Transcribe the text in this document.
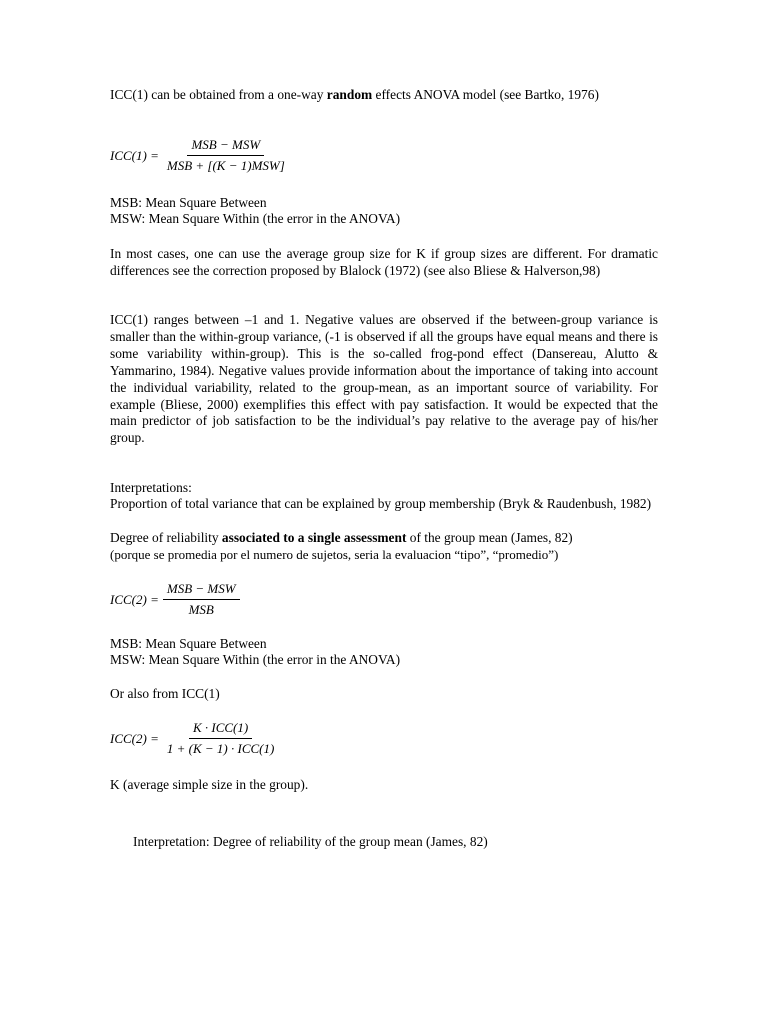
ICC(1) can be obtained from a one-way random effects ANOVA model (see Bartko, 1976)

$ICC(1) = \frac{\text{MSB − MSW}}{\text{MSB + [(K − 1)MSW]}}$

MSB: Mean Square Between

MSW: Mean Square Within (the error in the ANOVA)

In most cases, one can use the average group size for K if group sizes are different. For dramatic differences see the correction proposed by Blalock (1972) (see also Bliese & Halverson,98)

ICC(1) ranges between –1 and 1. Negative values are observed if the between-group variance is smaller than the within-group variance, (-1 is observed if all the groups have equal means and there is some variability within-group). This is the so-called frog-pond effect (Dansereau, Alutto & Yammarino, 1984). Negative values provide information about the importance of taking into account the individual variability, related to the group-mean, as an important source of variability. For example (Bliese, 2000) exemplifies this effect with pay satisfaction. It would be expected that the main predictor of job satisfaction to be the individual’s pay relative to the average pay of his/her group.

Interpretations:

Proportion of total variance that can be explained by group membership (Bryk & Raudenbush, 1982)

Degree of reliability associated to a single assessment of the group mean (James, 82)

(porque se promedia por el numero de sujetos, seria la evaluacion “tipo”, “promedio”)

$ICC(2) = \frac{\text{MSB − MSW}}{\text{MSB}}$

MSB: Mean Square Between

MSW: Mean Square Within (the error in the ANOVA)

Or also from ICC(1)

$ICC(2) = \frac{\text{K · ICC(1)}}{\text{1 + (K − 1) · ICC(1)}}$

K (average simple size in the group).

Interpretation: Degree of reliability of the group mean (James, 82)
